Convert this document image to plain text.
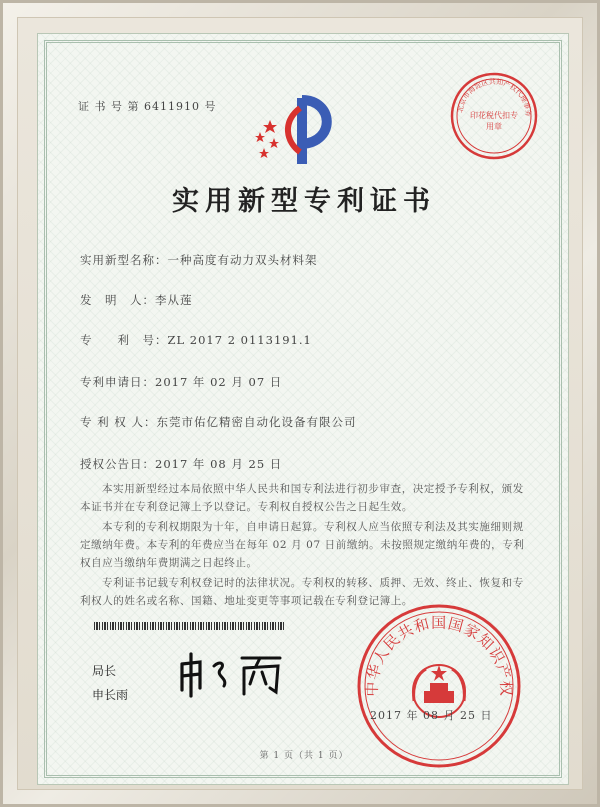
证 书 号 第 6411910 号	北京市海淀区共知产权代理事务
印花税代扣专用章
实用新型专利证书
实用新型名称：一种高度有动力双头材料架
发　明　人：李从莲
专　　利　号：ZL 2017 2 0113191.1
专利申请日：2017 年 02 月 07 日
专 利 权 人：东莞市佑亿精密自动化设备有限公司
授权公告日：2017 年 08 月 25 日
本实用新型经过本局依照中华人民共和国专利法进行初步审查，决定授予专利权，颁发本证书并在专利登记簿上予以登记。专利权自授权公告之日起生效。
本专利的专利权期限为十年，自申请日起算。专利权人应当依照专利法及其实施细则规定缴纳年费。本专利的年费应当在每年 02 月 07 日前缴纳。未按照规定缴纳年费的，专利权自应当缴纳年费期满之日起终止。
专利证书记载专利权登记时的法律状况。专利权的转移、质押、无效、终止、恢复和专利权人的姓名或名称、国籍、地址变更等事项记载在专利登记簿上。
局长
申长雨	中华人民共和国国家知识产权
2017 年 08 月 25 日
第 1 页（共 1 页）
